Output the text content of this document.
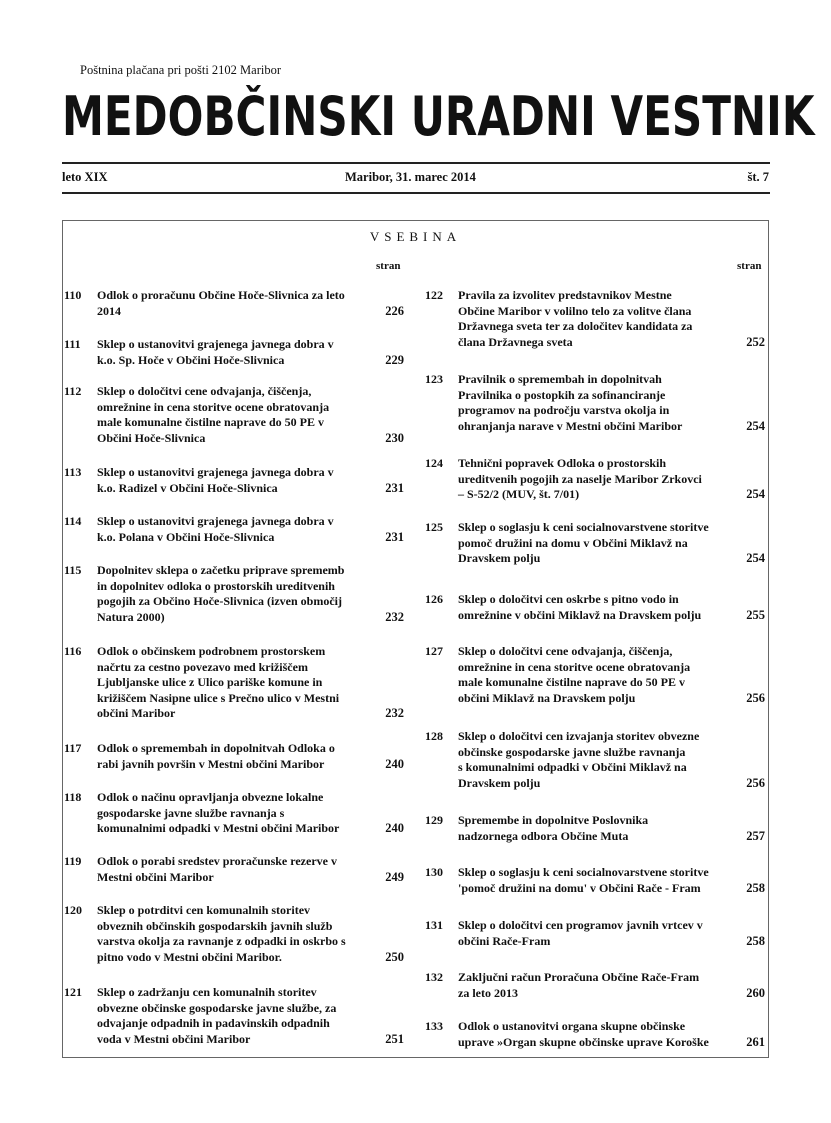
Poštnina plačana pri pošti 2102 Maribor
MEDOBČINSKI URADNI VESTNIK
leto XIX	Maribor, 31. marec 2014	št. 7
VSEBINA
stran	stran
110 Odlok o proračunu Občine Hoče-Slivnica za leto
2014	226
111 Sklep o ustanovitvi grajenega javnega dobra v
k.o. Sp. Hoče v Občini Hoče-Slivnica	229
112 Sklep o določitvi cene odvajanja, čiščenja,
omrežnine in cena storitve ocene obratovanja
male komunalne čistilne naprave do 50 PE v
Občini Hoče-Slivnica	230
113 Sklep o ustanovitvi grajenega javnega dobra v
k.o. Radizel v Občini Hoče-Slivnica	231
114 Sklep o ustanovitvi grajenega javnega dobra v
k.o. Polana v Občini Hoče-Slivnica	231
115 Dopolnitev sklepa o začetku priprave sprememb
in dopolnitev odloka o prostorskih ureditvenih
pogojih za Občino Hoče-Slivnica (izven območij
Natura 2000)	232
116 Odlok o občinskem podrobnem prostorskem
načrtu za cestno povezavo med križiščem
Ljubljanske ulice z Ulico pariške komune in
križiščem Nasipne ulice s Prečno ulico v Mestni
občini Maribor	232
117 Odlok o spremembah in dopolnitvah Odloka o
rabi javnih površin v Mestni občini Maribor	240
118 Odlok o načinu opravljanja obvezne lokalne
gospodarske javne službe ravnanja s
komunalnimi odpadki v Mestni občini Maribor	240
119 Odlok o porabi sredstev proračunske rezerve v
Mestni občini Maribor	249
120 Sklep o potrditvi cen komunalnih storitev
obveznih občinskih gospodarskih javnih služb
varstva okolja za ravnanje z odpadki in oskrbo s
pitno vodo v Mestni občini Maribor.	250
121 Sklep o zadržanju cen komunalnih storitev
obvezne občinske gospodarske javne službe, za
odvajanje odpadnih in padavinskih odpadnih
voda v Mestni občini Maribor	251
122 Pravila za izvolitev predstavnikov Mestne
Občine Maribor v volilno telo za volitve člana
Državnega sveta ter za določitev kandidata za
člana Državnega sveta	252
123 Pravilnik o spremembah in dopolnitvah
Pravilnika o postopkih za sofinanciranje
programov na področju varstva okolja in
ohranjanja narave v Mestni občini Maribor	254
124 Tehnični popravek Odloka o prostorskih
ureditvenih pogojih za naselje Maribor Zrkovci
– S-52/2 (MUV, št. 7/01)	254
125 Sklep o soglasju k ceni socialnovarstvene storitve
pomoč družini na domu v Občini Miklavž na
Dravskem polju	254
126 Sklep o določitvi cen oskrbe s pitno vodo in
omrežnine v občini Miklavž na Dravskem polju	255
127 Sklep o določitvi cene odvajanja, čiščenja,
omrežnine in cena storitve ocene obratovanja
male komunalne čistilne naprave do 50 PE v
občini Miklavž na Dravskem polju	256
128 Sklep o določitvi cen izvajanja storitev obvezne
občinske gospodarske javne službe ravnanja
s komunalnimi odpadki v Občini Miklavž na
Dravskem polju	256
129 Spremembe in dopolnitve Poslovnika
nadzornega odbora Občine Muta	257
130 Sklep o soglasju k ceni socialnovarstvene storitve
'pomoč družini na domu' v Občini Rače - Fram	258
131 Sklep o določitvi cen programov javnih vrtcev v
občini Rače-Fram	258
132 Zaključni račun Proračuna Občine Rače-Fram
za leto 2013	260
133 Odlok o ustanovitvi organa skupne občinske
uprave »Organ skupne občinske uprave Koroške	261
